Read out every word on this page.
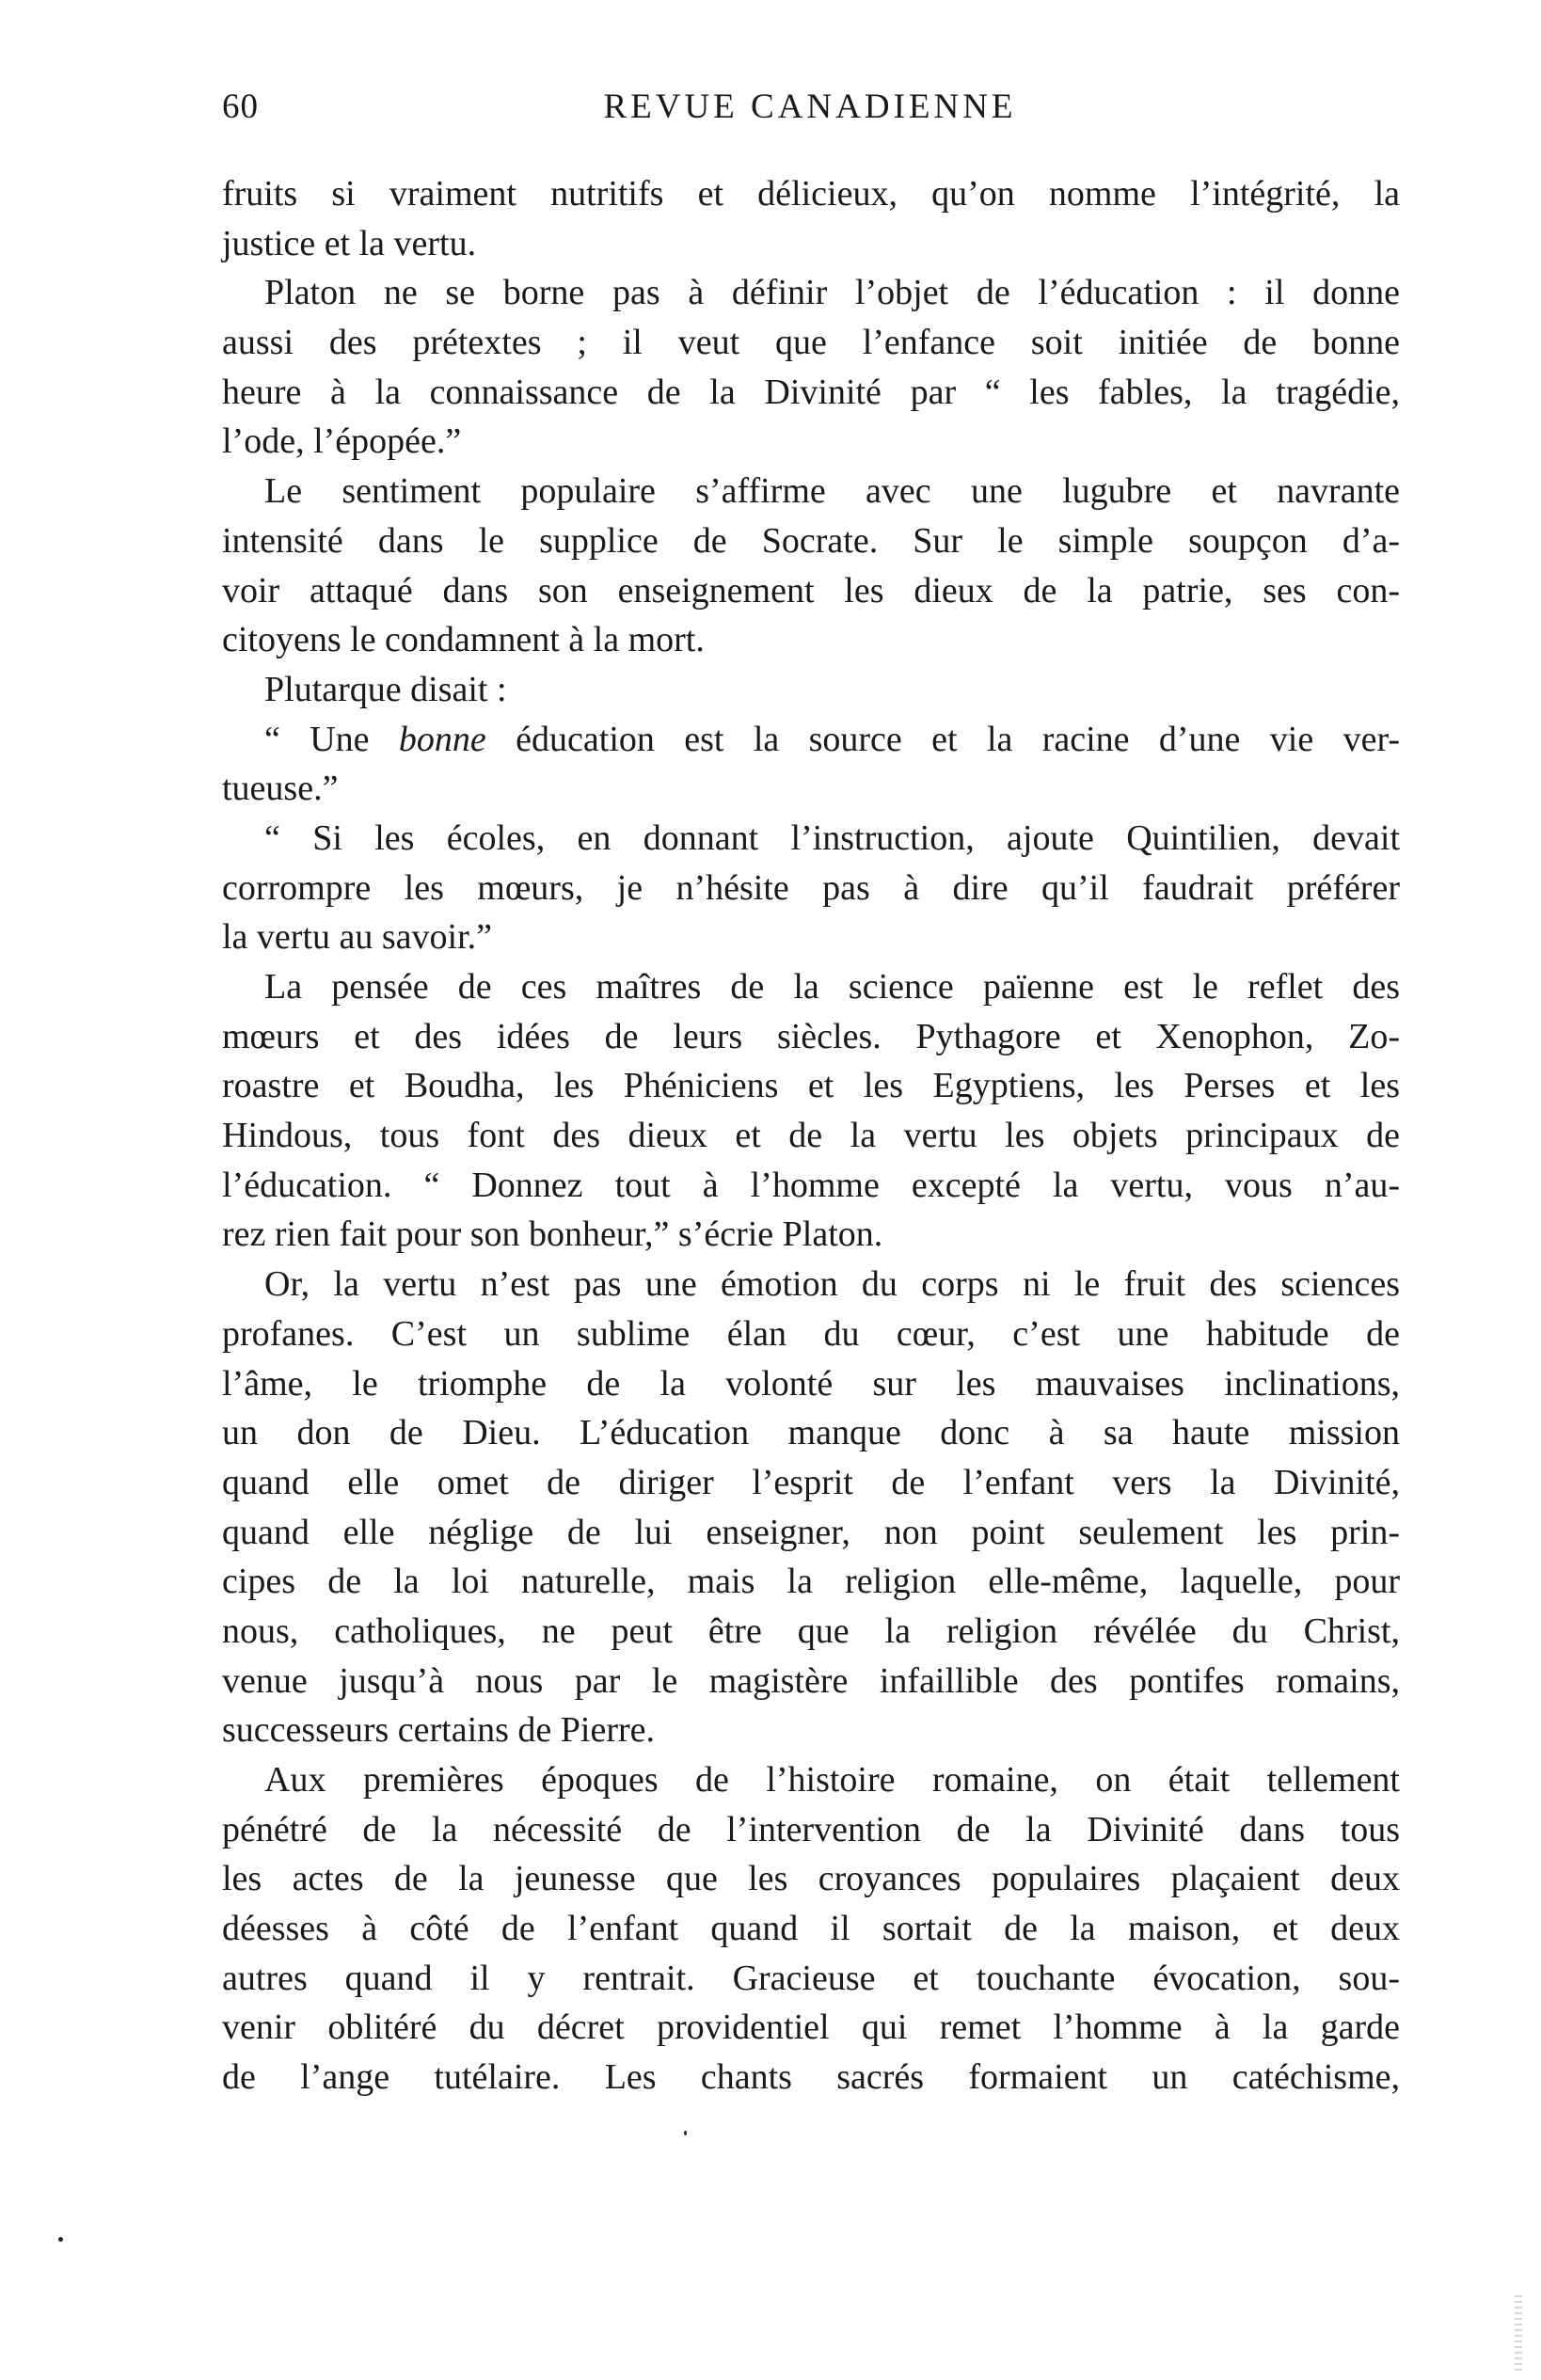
60	REVUE CANADIENNE
fruits si vraiment nutritifs et délicieux, qu’on nomme l’intégrité, la
justice et la vertu.
Platon ne se borne pas à définir l’objet de l’éducation : il donne
aussi des prétextes ; il veut que l’enfance soit initiée de bonne
heure à la connaissance de la Divinité par “ les fables, la tragédie,
l’ode, l’épopée.”
Le sentiment populaire s’affirme avec une lugubre et navrante
intensité dans le supplice de Socrate. Sur le simple soupçon d’a-
voir attaqué dans son enseignement les dieux de la patrie, ses con-
citoyens le condamnent à la mort.
Plutarque disait :
“ Une bonne éducation est la source et la racine d’une vie ver-
tueuse.”
“ Si les écoles, en donnant l’instruction, ajoute Quintilien, devait
corrompre les mœurs, je n’hésite pas à dire qu’il faudrait préférer
la vertu au savoir.”
La pensée de ces maîtres de la science païenne est le reflet des
mœurs et des idées de leurs siècles. Pythagore et Xenophon, Zo-
roastre et Boudha, les Phéniciens et les Egyptiens, les Perses et les
Hindous, tous font des dieux et de la vertu les objets principaux de
l’éducation. “ Donnez tout à l’homme excepté la vertu, vous n’au-
rez rien fait pour son bonheur,” s’écrie Platon.
Or, la vertu n’est pas une émotion du corps ni le fruit des sciences
profanes. C’est un sublime élan du cœur, c’est une habitude de
l’âme, le triomphe de la volonté sur les mauvaises inclinations,
un don de Dieu. L’éducation manque donc à sa haute mission
quand elle omet de diriger l’esprit de l’enfant vers la Divinité,
quand elle néglige de lui enseigner, non point seulement les prin-
cipes de la loi naturelle, mais la religion elle-même, laquelle, pour
nous, catholiques, ne peut être que la religion révélée du Christ,
venue jusqu’à nous par le magistère infaillible des pontifes romains,
successeurs certains de Pierre.
Aux premières époques de l’histoire romaine, on était tellement
pénétré de la nécessité de l’intervention de la Divinité dans tous
les actes de la jeunesse que les croyances populaires plaçaient deux
déesses à côté de l’enfant quand il sortait de la maison, et deux
autres quand il y rentrait. Gracieuse et touchante évocation, sou-
venir oblitéré du décret providentiel qui remet l’homme à la garde
de l’ange tutélaire. Les chants sacrés formaient un catéchisme,
